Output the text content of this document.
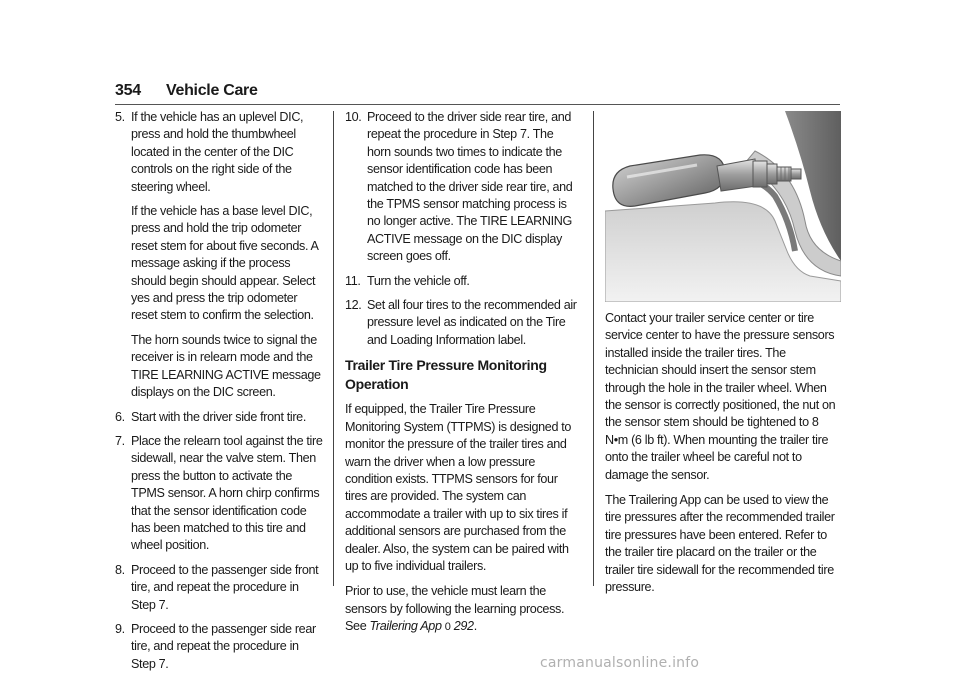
354 Vehicle Care
5. If the vehicle has an uplevel DIC, press and hold the thumbwheel located in the center of the DIC controls on the right side of the steering wheel.

If the vehicle has a base level DIC, press and hold the trip odometer reset stem for about five seconds. A message asking if the process should begin should appear. Select yes and press the trip odometer reset stem to confirm the selection.

The horn sounds twice to signal the receiver is in relearn mode and the TIRE LEARNING ACTIVE message displays on the DIC screen.

6. Start with the driver side front tire.

7. Place the relearn tool against the tire sidewall, near the valve stem. Then press the button to activate the TPMS sensor. A horn chirp confirms that the sensor identification code has been matched to this tire and wheel position.

8. Proceed to the passenger side front tire, and repeat the procedure in Step 7.

9. Proceed to the passenger side rear tire, and repeat the procedure in Step 7.

10. Proceed to the driver side rear tire, and repeat the procedure in Step 7. The horn sounds two times to indicate the sensor identification code has been matched to the driver side rear tire, and the TPMS sensor matching process is no longer active. The TIRE LEARNING ACTIVE message on the DIC display screen goes off.

11. Turn the vehicle off.

12. Set all four tires to the recommended air pressure level as indicated on the Tire and Loading Information label.

Trailer Tire Pressure Monitoring Operation

If equipped, the Trailer Tire Pressure Monitoring System (TTPMS) is designed to monitor the pressure of the trailer tires and warn the driver when a low pressure condition exists. TTPMS sensors for four tires are provided. The system can accommodate a trailer with up to six tires if additional sensors are purchased from the dealer. Also, the system can be paired with up to five individual trailers.

Prior to use, the vehicle must learn the sensors by following the learning process. See Trailering App 0 292.

Contact your trailer service center or tire service center to have the pressure sensors installed inside the trailer tires. The technician should insert the sensor stem through the hole in the trailer wheel. When the sensor is correctly positioned, the nut on the sensor stem should be tightened to 8 N•m (6 lb ft). When mounting the trailer tire onto the trailer wheel be careful not to damage the sensor.

The Trailering App can be used to view the tire pressures after the recommended trailer tire pressures have been entered. Refer to the trailer tire placard on the trailer or the trailer tire sidewall for the recommended tire pressure.

carmanualsonline.info
